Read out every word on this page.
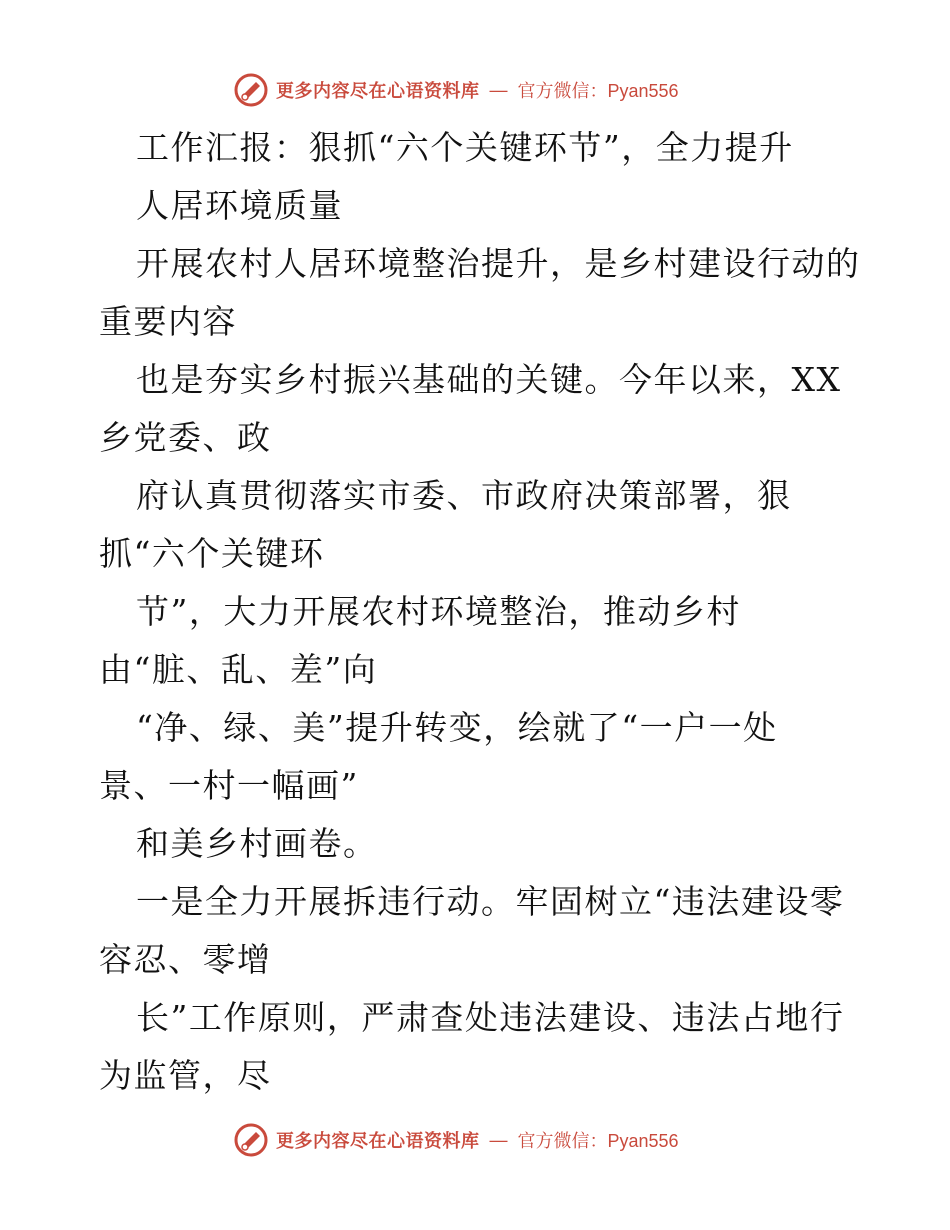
更多内容尽在心语资料库 — 官方微信：Pyan556
工作汇报：狠抓“六个关键环节”，全力提升
人居环境质量
开展农村人居环境整治提升，是乡村建设行动的
重要内容
也是夯实乡村振兴基础的关键。今年以来，XX
乡党委、政
府认真贯彻落实市委、市政府决策部署，狠
抓“六个关键环
节”，大力开展农村环境整治，推动乡村
由“脏、乱、差”向
“净、绿、美”提升转变，绘就了“一户一处
景、一村一幅画”
和美乡村画卷。
一是全力开展拆违行动。牢固树立“违法建设零
容忍、零增
长”工作原则，严肃查处违法建设、违法占地行
为监管，尽
更多内容尽在心语资料库 — 官方微信：Pyan556
